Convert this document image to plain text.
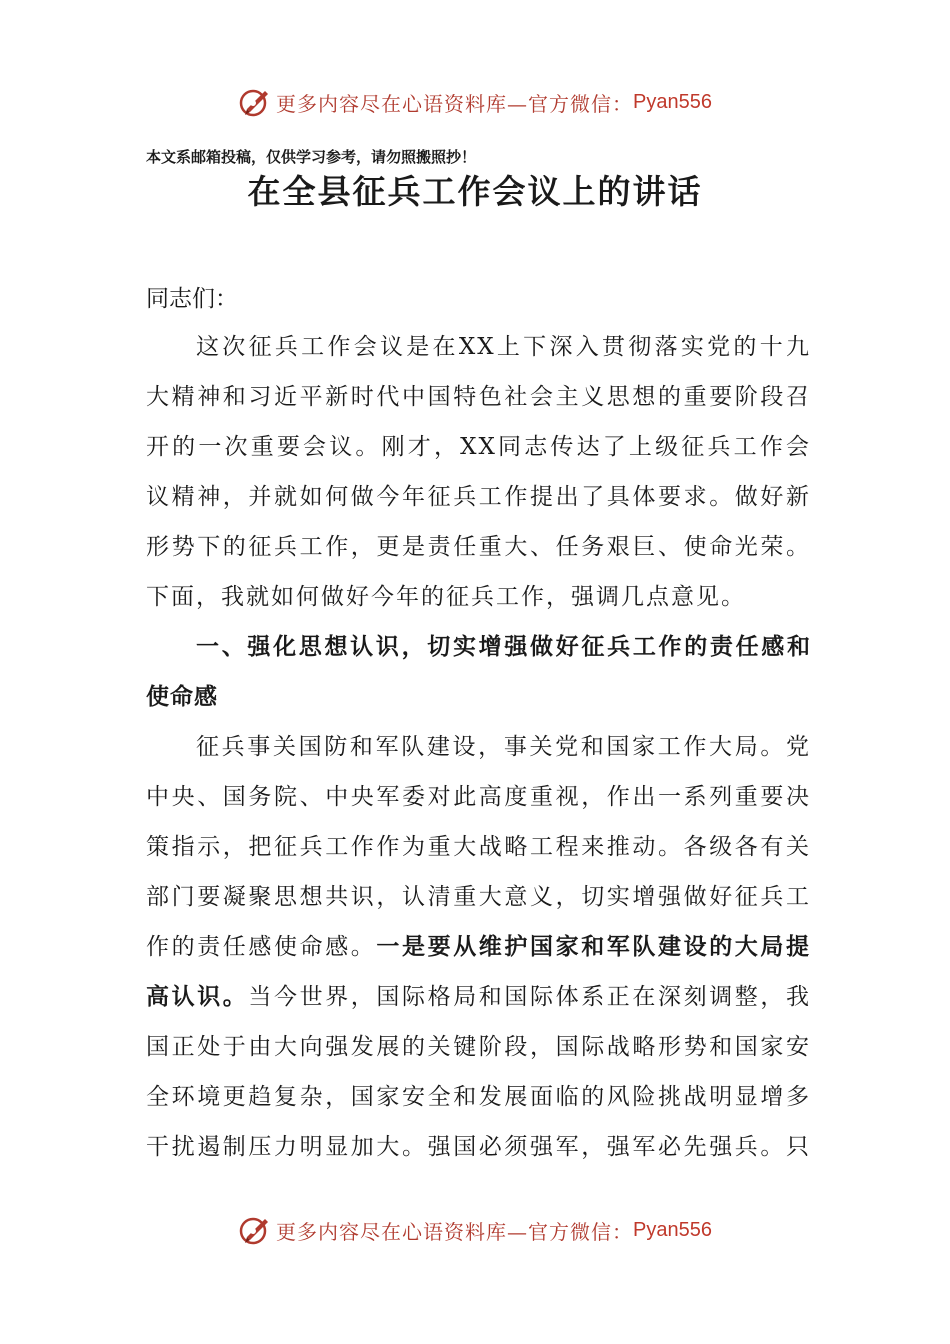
更多内容尽在心语资料库—官方微信： Pyan556
本文系邮箱投稿，仅供学习参考，请勿照搬照抄！
在全县征兵工作会议上的讲话
同志们：
这次征兵工作会议是在XX上下深入贯彻落实党的十九
大精神和习近平新时代中国特色社会主义思想的重要阶段召
开的一次重要会议。刚才，XX同志传达了上级征兵工作会
议精神，并就如何做今年征兵工作提出了具体要求。做好新
形势下的征兵工作，更是责任重大、任务艰巨、使命光荣。
下面，我就如何做好今年的征兵工作，强调几点意见。
一、强化思想认识，切实增强做好征兵工作的责任感和
使命感
征兵事关国防和军队建设，事关党和国家工作大局。党
中央、国务院、中央军委对此高度重视，作出一系列重要决
策指示，把征兵工作作为重大战略工程来推动。各级各有关
部门要凝聚思想共识，认清重大意义，切实增强做好征兵工
作的责任感使命感。一是要从维护国家和军队建设的大局提
高认识。当今世界，国际格局和国际体系正在深刻调整，我
国正处于由大向强发展的关键阶段，国际战略形势和国家安
全环境更趋复杂，国家安全和发展面临的风险挑战明显增多
干扰遏制压力明显加大。强国必须强军，强军必先强兵。只
更多内容尽在心语资料库—官方微信： Pyan556
